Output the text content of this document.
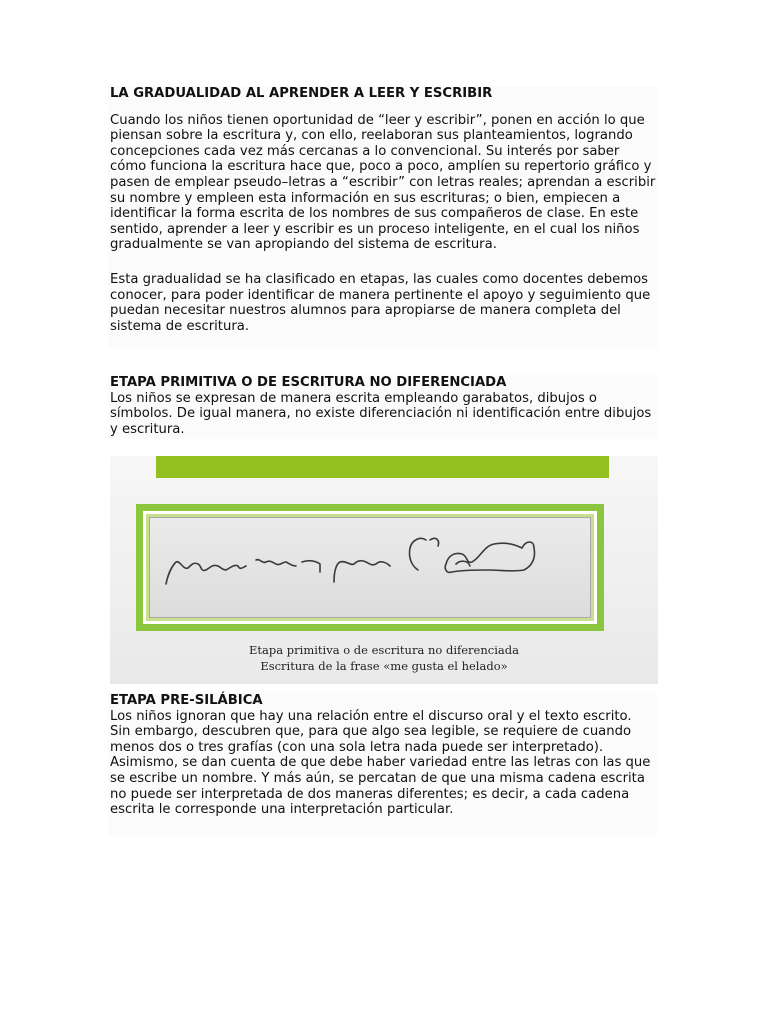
LA GRADUALIDAD AL APRENDER A LEER Y ESCRIBIR

Cuando los niños tienen oportunidad de “leer y escribir”, ponen en acción lo que piensan sobre la escritura y, con ello, reelaboran sus planteamientos, logrando concepciones cada vez más cercanas a lo convencional. Su interés por saber cómo funciona la escritura hace que, poco a poco, amplíen su repertorio gráfico y pasen de emplear pseudo–letras a “escribir” con letras reales; aprendan a escribir su nombre y empleen esta información en sus escrituras; o bien, empiecen a identificar la forma escrita de los nombres de sus compañeros de clase. En este sentido, aprender a leer y escribir es un proceso inteligente, en el cual los niños gradualmente se van apropiando del sistema de escritura.

Esta gradualidad se ha clasificado en etapas, las cuales como docentes debemos conocer, para poder identificar de manera pertinente el apoyo y seguimiento que puedan necesitar nuestros alumnos para apropiarse de manera completa del sistema de escritura.

ETAPA PRIMITIVA O DE ESCRITURA NO DIFERENCIADA

Los niños se expresan de manera escrita empleando garabatos, dibujos o símbolos. De igual manera, no existe diferenciación ni identificación entre dibujos y escritura.

Etapa primitiva o de escritura no diferenciada
Escritura de la frase «me gusta el helado»

ETAPA PRE-SILÁBICA

Los niños ignoran que hay una relación entre el discurso oral y el texto escrito. Sin embargo, descubren que, para que algo sea legible, se requiere de cuando menos dos o tres grafías (con una sola letra nada puede ser interpretado). Asimismo, se dan cuenta de que debe haber variedad entre las letras con las que se escribe un nombre. Y más aún, se percatan de que una misma cadena escrita no puede ser interpretada de dos maneras diferentes; es decir, a cada cadena escrita le corresponde una interpretación particular.
